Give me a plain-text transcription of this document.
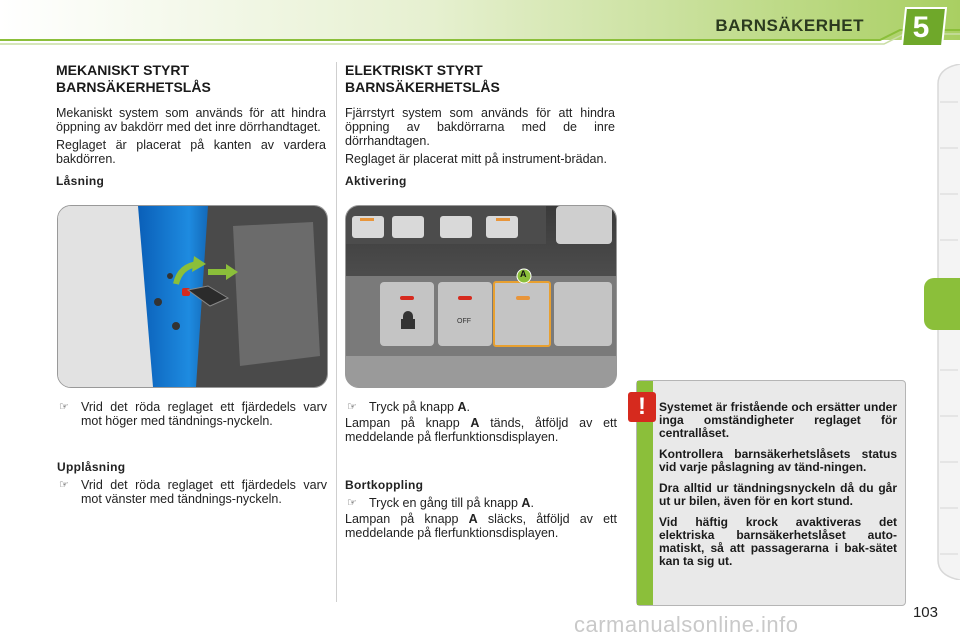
BARNSÄKERHET 5
MEKANISKT STYRT BARNSÄKERHETSLÅS

Mekaniskt system som används för att hindra öppning av bakdörr med det inre dörrhandtaget.

Reglaget är placerat på kanten av vardera bakdörren.

Låsning
ELEKTRISKT STYRT BARNSÄKERHETSLÅS

Fjärrstyrt system som används för att hindra öppning av bakdörrarna med de inre dörrhandtagen.

Reglaget är placerat mitt på instrument-brädan.

Aktivering
A
OFF
☞ Vrid det röda reglaget ett fjärdedels varv mot höger med tändnings-nyckeln.
Upplåsning
☞ Vrid det röda reglaget ett fjärdedels varv mot vänster med tändnings-nyckeln.
☞ Tryck på knapp A.

Lampan på knapp A tänds, åtföljd av ett meddelande på flerfunktionsdisplayen.

Bortkoppling
☞ Tryck en gång till på knapp A.

Lampan på knapp A släcks, åtföljd av ett meddelande på flerfunktionsdisplayen.

Systemet är fristående och ersätter under inga omständigheter reglaget för centrallåset.

Kontrollera barnsäkerhetslåsets status vid varje påslagning av tänd-ningen.

Dra alltid ur tändningsnyckeln då du går ut ur bilen, även för en kort stund.

Vid häftig krock avaktiveras det elektriska barnsäkerhetslåset auto-matiskt, så att passagerarna i bak-sätet kan ta sig ut.

!
103
carmanualsonline.info
